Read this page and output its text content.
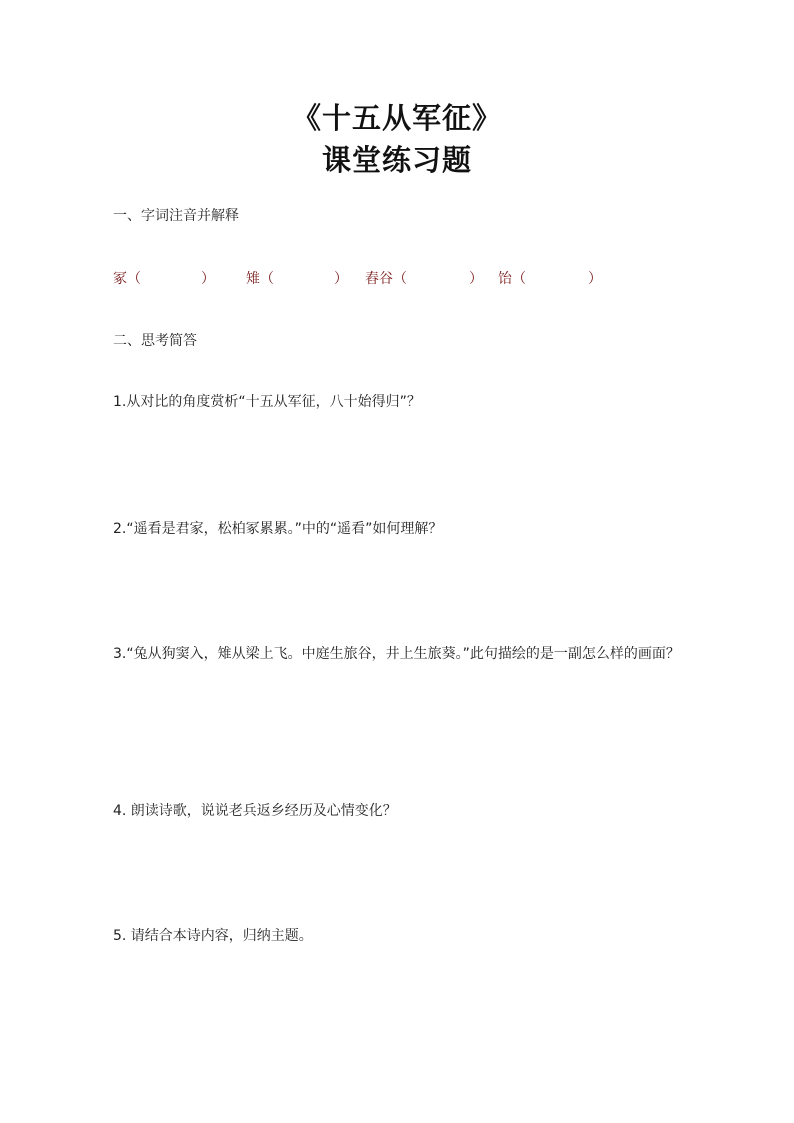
《十五从军征》
课堂练习题
一、字词注音并解释
冢（	） 雉（	） 舂谷（	） 饴（	）
二、思考简答
1.从对比的角度赏析“十五从军征，八十始得归”？
2.“遥看是君家，松柏冢累累。”中的“遥看”如何理解？
3.“兔从狗窦入，雉从梁上飞。中庭生旅谷，井上生旅葵。”此句描绘的是一副怎么样的画面？
4. 朗读诗歌，说说老兵返乡经历及心情变化？
5. 请结合本诗内容，归纳主题。
